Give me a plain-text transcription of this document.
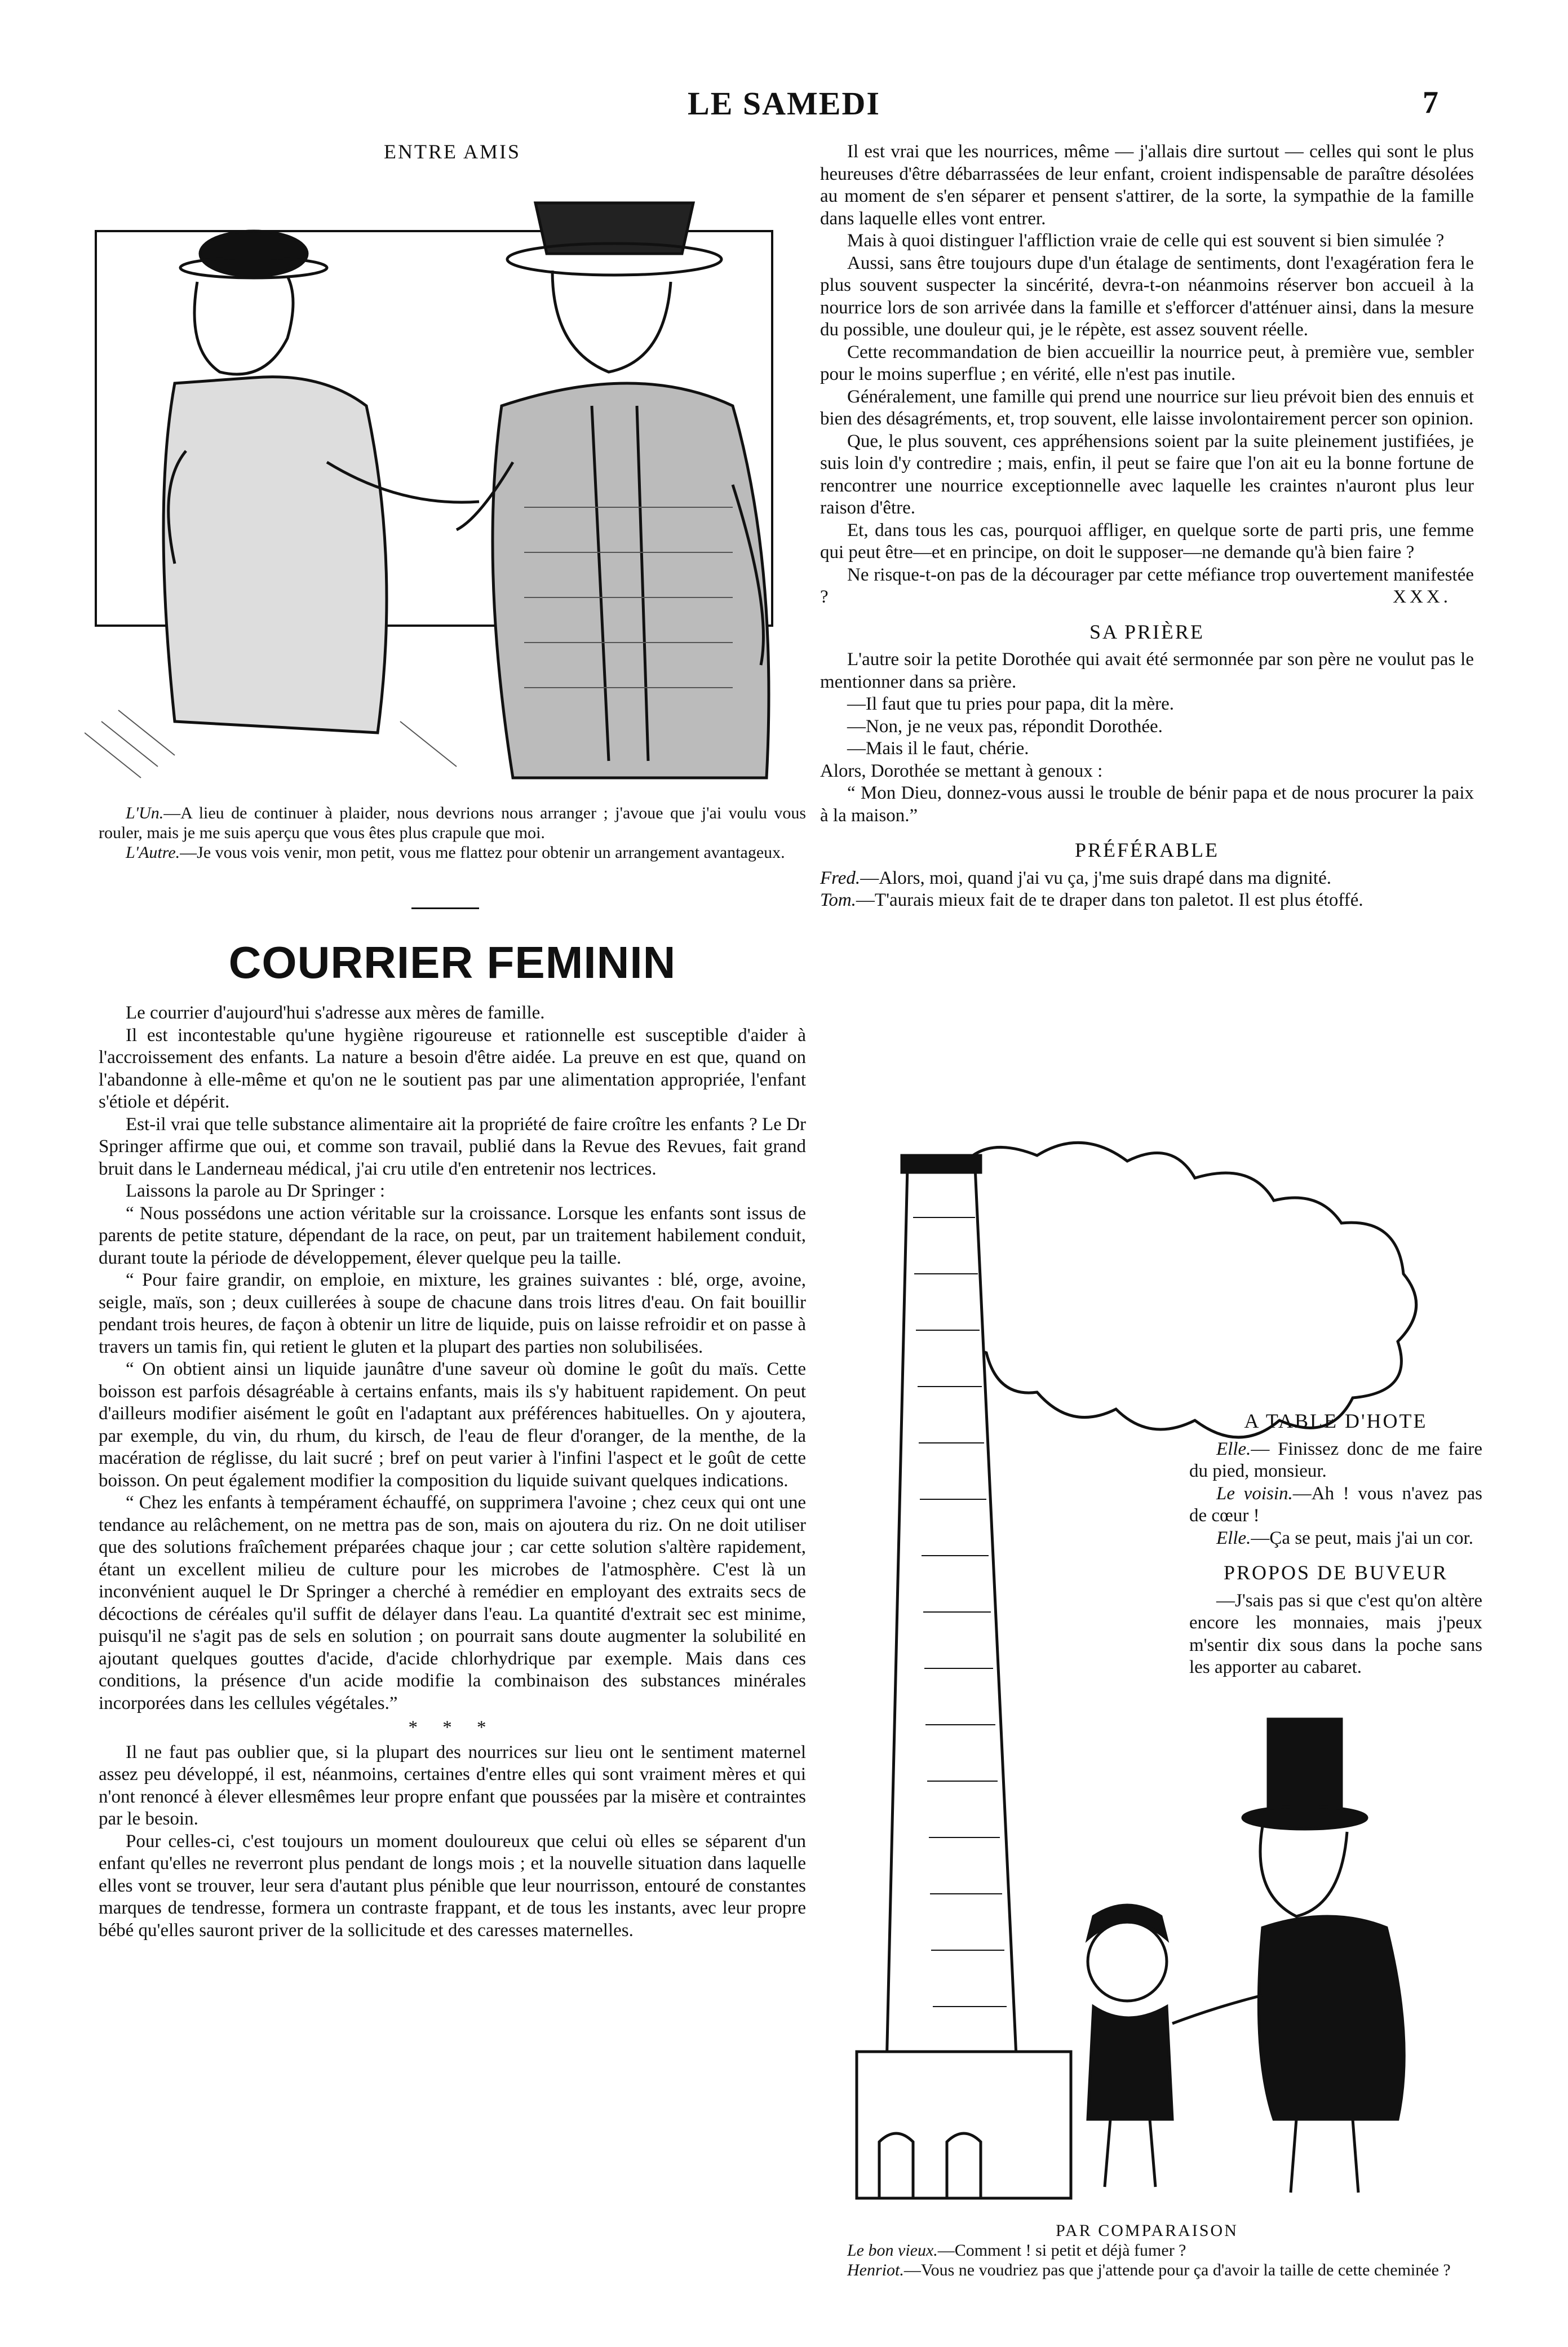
LE SAMEDI	7
ENTRE AMIS

L'Un.—A lieu de continuer à plaider, nous devrions nous arranger ; j'avoue que j'ai voulu vous rouler, mais je me suis aperçu que vous êtes plus crapule que moi.

L'Autre.—Je vous vois venir, mon petit, vous me flattez pour obtenir un arrangement avantageux.

COURRIER FEMININ

Le courrier d'aujourd'hui s'adresse aux mères de famille.

Il est incontestable qu'une hygiène rigoureuse et rationnelle est susceptible d'aider à l'accroissement des enfants. La nature a besoin d'être aidée. La preuve en est que, quand on l'abandonne à elle-même et qu'on ne le soutient pas par une alimentation appropriée, l'enfant s'étiole et dépérit.

Est-il vrai que telle substance alimentaire ait la propriété de faire croître les enfants ? Le Dr Springer affirme que oui, et comme son travail, publié dans la Revue des Revues, fait grand bruit dans le Landerneau médical, j'ai cru utile d'en entretenir nos lectrices.

Laissons la parole au Dr Springer :

“ Nous possédons une action véritable sur la croissance. Lorsque les enfants sont issus de parents de petite stature, dépendant de la race, on peut, par un traitement habilement conduit, durant toute la période de développement, élever quelque peu la taille.

“ Pour faire grandir, on emploie, en mixture, les graines suivantes : blé, orge, avoine, seigle, maïs, son ; deux cuillerées à soupe de chacune dans trois litres d'eau. On fait bouillir pendant trois heures, de façon à obtenir un litre de liquide, puis on laisse refroidir et on passe à travers un tamis fin, qui retient le gluten et la plupart des parties non solubilisées.

“ On obtient ainsi un liquide jaunâtre d'une saveur où domine le goût du maïs. Cette boisson est parfois désagréable à certains enfants, mais ils s'y habituent rapidement. On peut d'ailleurs modifier aisément le goût en l'adaptant aux préférences habituelles. On y ajoutera, par exemple, du vin, du rhum, du kirsch, de l'eau de fleur d'oranger, de la menthe, de la macération de réglisse, du lait sucré ; bref on peut varier à l'infini l'aspect et le goût de cette boisson. On peut également modifier la composition du liquide suivant quelques indications.

“ Chez les enfants à tempérament échauffé, on supprimera l'avoine ; chez ceux qui ont une tendance au relâchement, on ne mettra pas de son, mais on ajoutera du riz. On ne doit utiliser que des solutions fraîchement préparées chaque jour ; car cette solution s'altère rapidement, étant un excellent milieu de culture pour les microbes de l'atmosphère. C'est là un inconvénient auquel le Dr Springer a cherché à remédier en employant des extraits secs de décoctions de céréales qu'il suffit de délayer dans l'eau. La quantité d'extrait sec est minime, puisqu'il ne s'agit pas de sels en solution ; on pourrait sans doute augmenter la solubilité en ajoutant quelques gouttes d'acide, d'acide chlorhydrique par exemple. Mais dans ces conditions, la présence d'un acide modifie la combinaison des substances minérales incorporées dans les cellules végétales.”

* * *

Il ne faut pas oublier que, si la plupart des nourrices sur lieu ont le sentiment maternel assez peu développé, il est, néanmoins, certaines d'entre elles qui sont vraiment mères et qui n'ont renoncé à élever ellesmêmes leur propre enfant que poussées par la misère et contraintes par le besoin.

Pour celles-ci, c'est toujours un moment douloureux que celui où elles se séparent d'un enfant qu'elles ne reverront plus pendant de longs mois ; et la nouvelle situation dans laquelle elles vont se trouver, leur sera d'autant plus pénible que leur nourrisson, entouré de constantes marques de tendresse, formera un contraste frappant, et de tous les instants, avec leur propre bébé qu'elles sauront priver de la sollicitude et des caresses maternelles.

Il est vrai que les nourrices, même — j'allais dire surtout — celles qui sont le plus heureuses d'être débarrassées de leur enfant, croient indispensable de paraître désolées au moment de s'en séparer et pensent s'attirer, de la sorte, la sympathie de la famille dans laquelle elles vont entrer.

Mais à quoi distinguer l'affliction vraie de celle qui est souvent si bien simulée ?

Aussi, sans être toujours dupe d'un étalage de sentiments, dont l'exagération fera le plus souvent suspecter la sincérité, devra-t-on néanmoins réserver bon accueil à la nourrice lors de son arrivée dans la famille et s'efforcer d'atténuer ainsi, dans la mesure du possible, une douleur qui, je le répète, est assez souvent réelle.

Cette recommandation de bien accueillir la nourrice peut, à première vue, sembler pour le moins superflue ; en vérité, elle n'est pas inutile.

Généralement, une famille qui prend une nourrice sur lieu prévoit bien des ennuis et bien des désagréments, et, trop souvent, elle laisse involontairement percer son opinion.

Que, le plus souvent, ces appréhensions soient par la suite pleinement justifiées, je suis loin d'y contredire ; mais, enfin, il peut se faire que l'on ait eu la bonne fortune de rencontrer une nourrice exceptionnelle avec laquelle les craintes n'auront plus leur raison d'être.

Et, dans tous les cas, pourquoi affliger, en quelque sorte de parti pris, une femme qui peut être—et en principe, on doit le supposer—ne demande qu'à bien faire ?

Ne risque-t-on pas de la décourager par cette méfiance trop ouvertement manifestée ?	XXX.

SA PRIÈRE

L'autre soir la petite Dorothée qui avait été sermonnée par son père ne voulut pas le mentionner dans sa prière.

—Il faut que tu pries pour papa, dit la mère.

—Non, je ne veux pas, répondit Dorothée.

—Mais il le faut, chérie.

Alors, Dorothée se mettant à genoux :

“ Mon Dieu, donnez-vous aussi le trouble de bénir papa et de nous procurer la paix à la maison.”

PRÉFÉRABLE

Fred.—Alors, moi, quand j'ai vu ça, j'me suis drapé dans ma dignité.

Tom.—T'aurais mieux fait de te draper dans ton paletot. Il est plus étoffé.

A TABLE D'HOTE

Elle.— Finissez donc de me faire du pied, monsieur.

Le voisin.—Ah ! vous n'avez pas de cœur !

Elle.—Ça se peut, mais j'ai un cor.

PROPOS DE BUVEUR

—J'sais pas si que c'est qu'on altère encore les monnaies, mais j'peux m'sentir dix sous dans la poche sans les apporter au cabaret.

PAR COMPARAISON

Le bon vieux.—Comment ! si petit et déjà fumer ?

Henriot.—Vous ne voudriez pas que j'attende pour ça d'avoir la taille de cette cheminée ?
